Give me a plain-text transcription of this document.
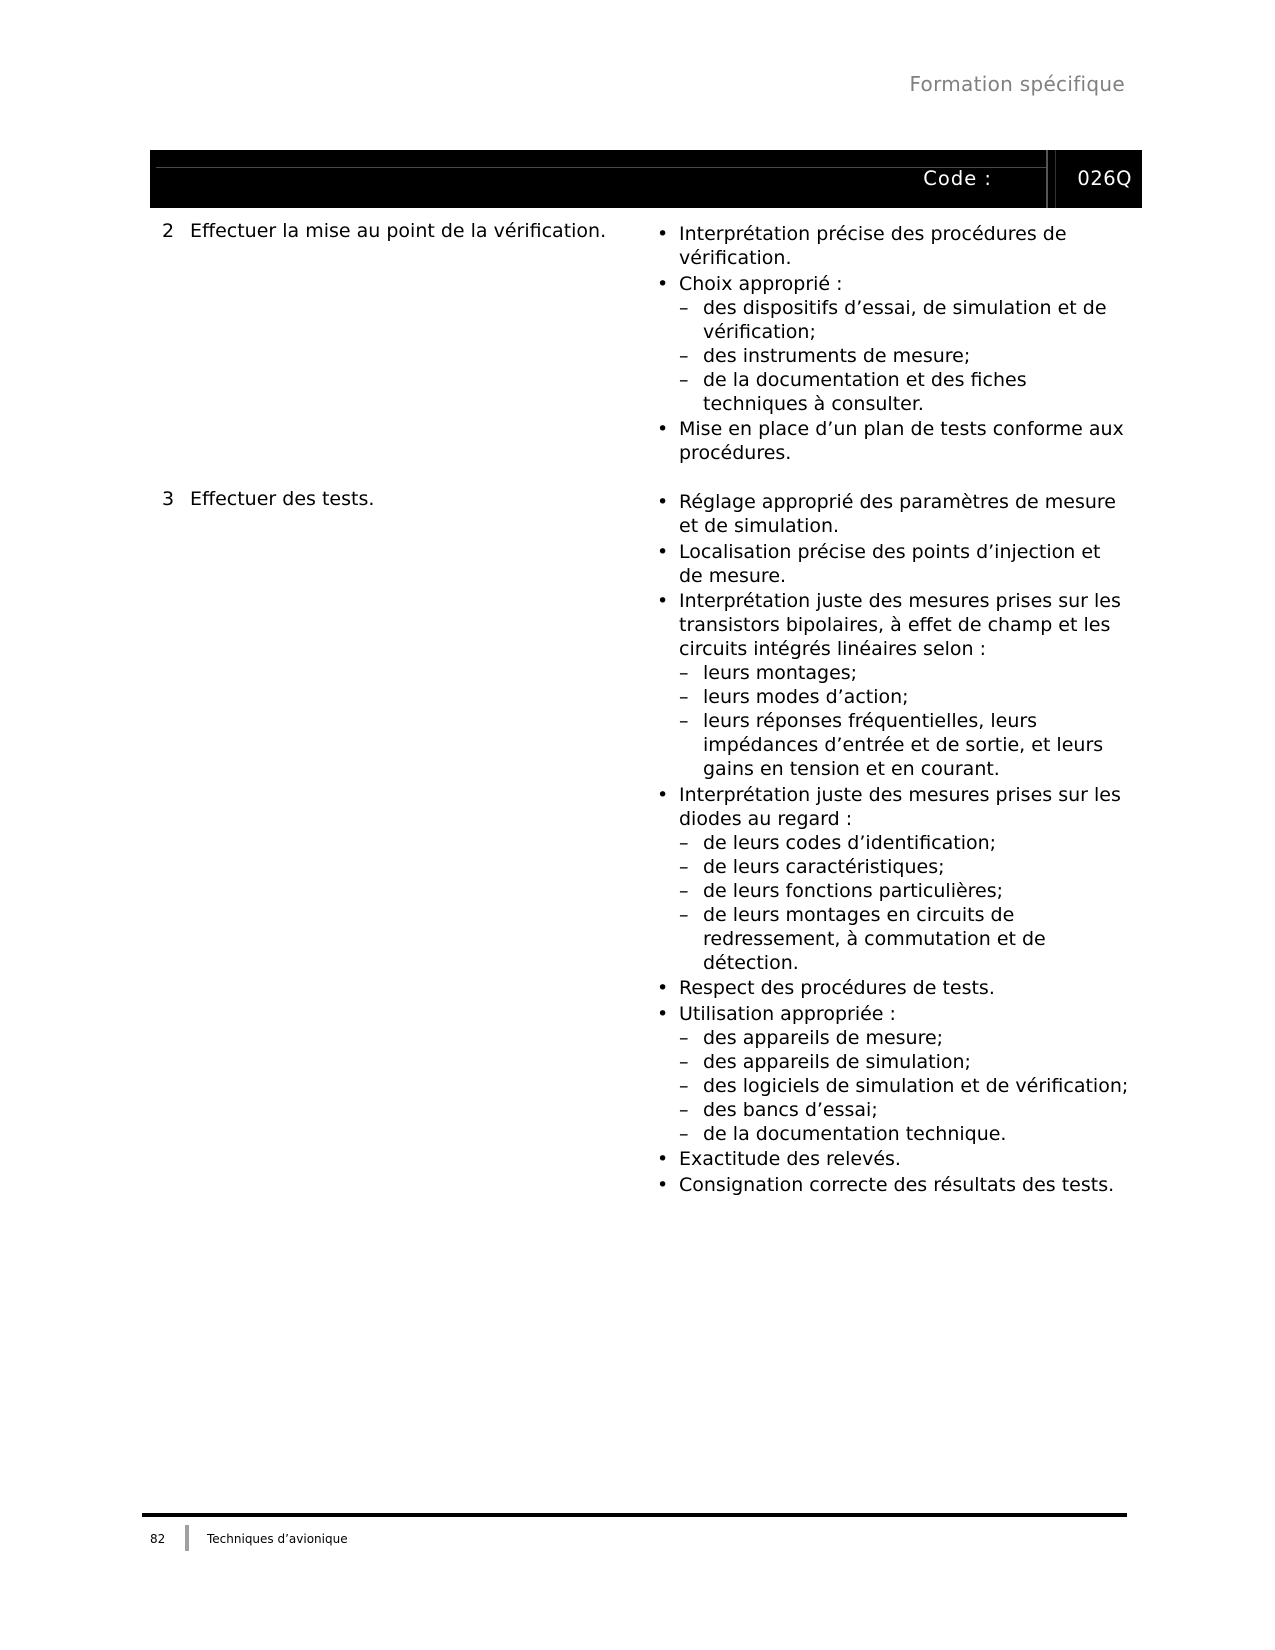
Formation spécifique
Code :	026Q
2 Effectuer la mise au point de la vérification.	• Interprétation précise des procédures de vérification.
• Choix approprié :
– des dispositifs d’essai, de simulation et de vérification;
– des instruments de mesure;
– de la documentation et des fiches techniques à consulter.
• Mise en place d’un plan de tests conforme aux procédures.
3 Effectuer des tests.	• Réglage approprié des paramètres de mesure et de simulation.
• Localisation précise des points d’injection et de mesure.
• Interprétation juste des mesures prises sur les transistors bipolaires, à effet de champ et les circuits intégrés linéaires selon :
– leurs montages;
– leurs modes d’action;
– leurs réponses fréquentielles, leurs impédances d’entrée et de sortie, et leurs gains en tension et en courant.
• Interprétation juste des mesures prises sur les diodes au regard :
– de leurs codes d’identification;
– de leurs caractéristiques;
– de leurs fonctions particulières;
– de leurs montages en circuits de redressement, à commutation et de détection.
• Respect des procédures de tests.
• Utilisation appropriée :
– des appareils de mesure;
– des appareils de simulation;
– des logiciels de simulation et de vérification;
– des bancs d’essai;
– de la documentation technique.
• Exactitude des relevés.
• Consignation correcte des résultats des tests.
82	Techniques d’avionique
